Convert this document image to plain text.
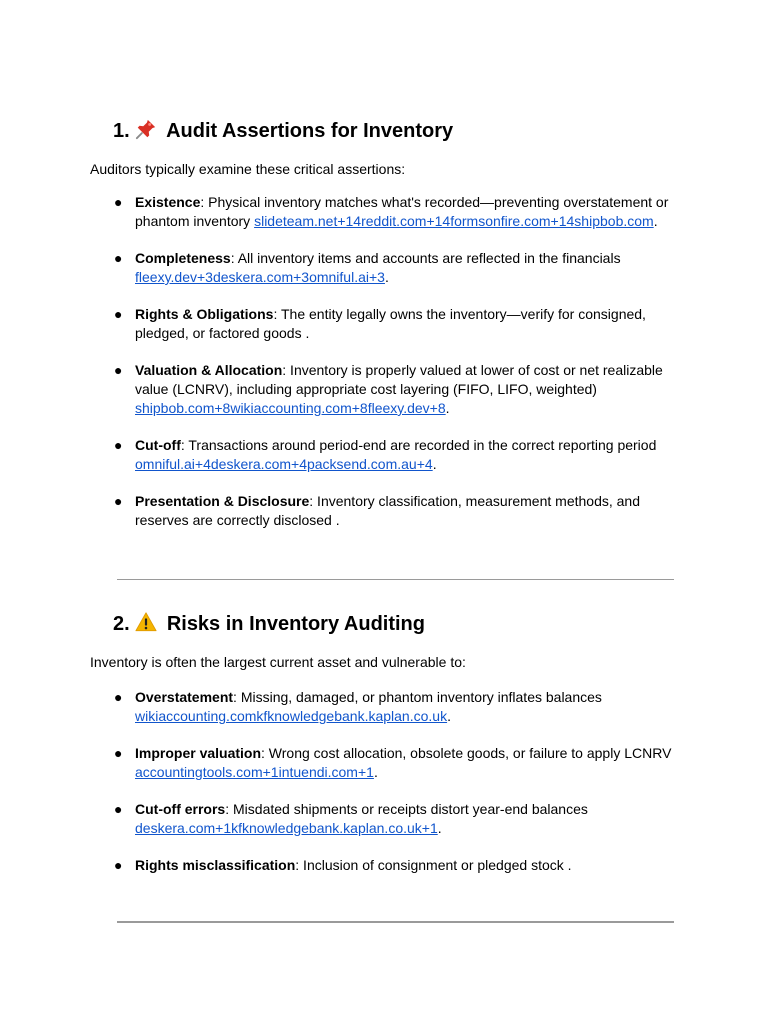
1. Audit Assertions for Inventory

Auditors typically examine these critical assertions:

● Existence: Physical inventory matches what's recorded—preventing overstatement or phantom inventory slideteam.net+14reddit.com+14formsonfire.com+14shipbob.com.
● Completeness: All inventory items and accounts are reflected in the financials fleexy.dev+3deskera.com+3omniful.ai+3.
● Rights & Obligations: The entity legally owns the inventory—verify for consigned, pledged, or factored goods .
● Valuation & Allocation: Inventory is properly valued at lower of cost or net realizable value (LCNRV), including appropriate cost layering (FIFO, LIFO, weighted) shipbob.com+8wikiaccounting.com+8fleexy.dev+8.
● Cut-off: Transactions around period-end are recorded in the correct reporting period omniful.ai+4deskera.com+4packsend.com.au+4.
● Presentation & Disclosure: Inventory classification, measurement methods, and reserves are correctly disclosed .
2. Risks in Inventory Auditing

Inventory is often the largest current asset and vulnerable to:

● Overstatement: Missing, damaged, or phantom inventory inflates balances wikiaccounting.comkfknowledgebank.kaplan.co.uk.
● Improper valuation: Wrong cost allocation, obsolete goods, or failure to apply LCNRV accountingtools.com+1intuendi.com+1.
● Cut-off errors: Misdated shipments or receipts distort year-end balances deskera.com+1kfknowledgebank.kaplan.co.uk+1.
● Rights misclassification: Inclusion of consignment or pledged stock .
